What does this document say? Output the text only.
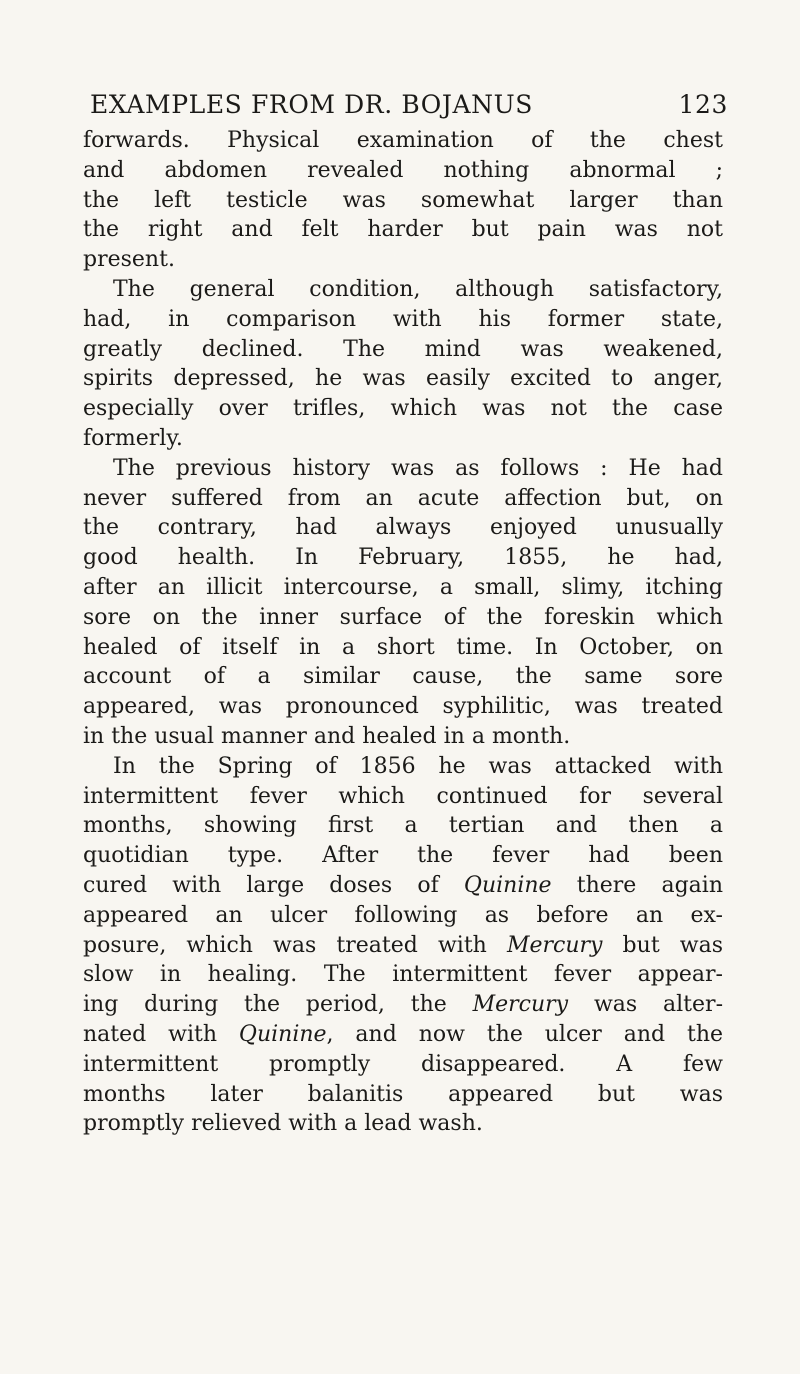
EXAMPLES FROM DR. BOJANUS	123
forwards. Physical examination of the chest
and abdomen revealed nothing abnormal ;
the left testicle was somewhat larger than
the right and felt harder but pain was not
present.
The general condition, although satisfactory,
had, in comparison with his former state,
greatly declined. The mind was weakened,
spirits depressed, he was easily excited to anger,
especially over trifles, which was not the case
formerly.
The previous history was as follows : He had
never suffered from an acute affection but, on
the contrary, had always enjoyed unusually
good health. In February, 1855, he had,
after an illicit intercourse, a small, slimy, itching
sore on the inner surface of the foreskin which
healed of itself in a short time. In October, on
account of a similar cause, the same sore
appeared, was pronounced syphilitic, was treated
in the usual manner and healed in a month.
In the Spring of 1856 he was attacked with
intermittent fever which continued for several
months, showing first a tertian and then a
quotidian type. After the fever had been
cured with large doses of Quinine there again
appeared an ulcer following as before an ex-
posure, which was treated with Mercury but was
slow in healing. The intermittent fever appear-
ing during the period, the Mercury was alter-
nated with Quinine, and now the ulcer and the
intermittent promptly disappeared. A few
months later balanitis appeared but was
promptly relieved with a lead wash.
